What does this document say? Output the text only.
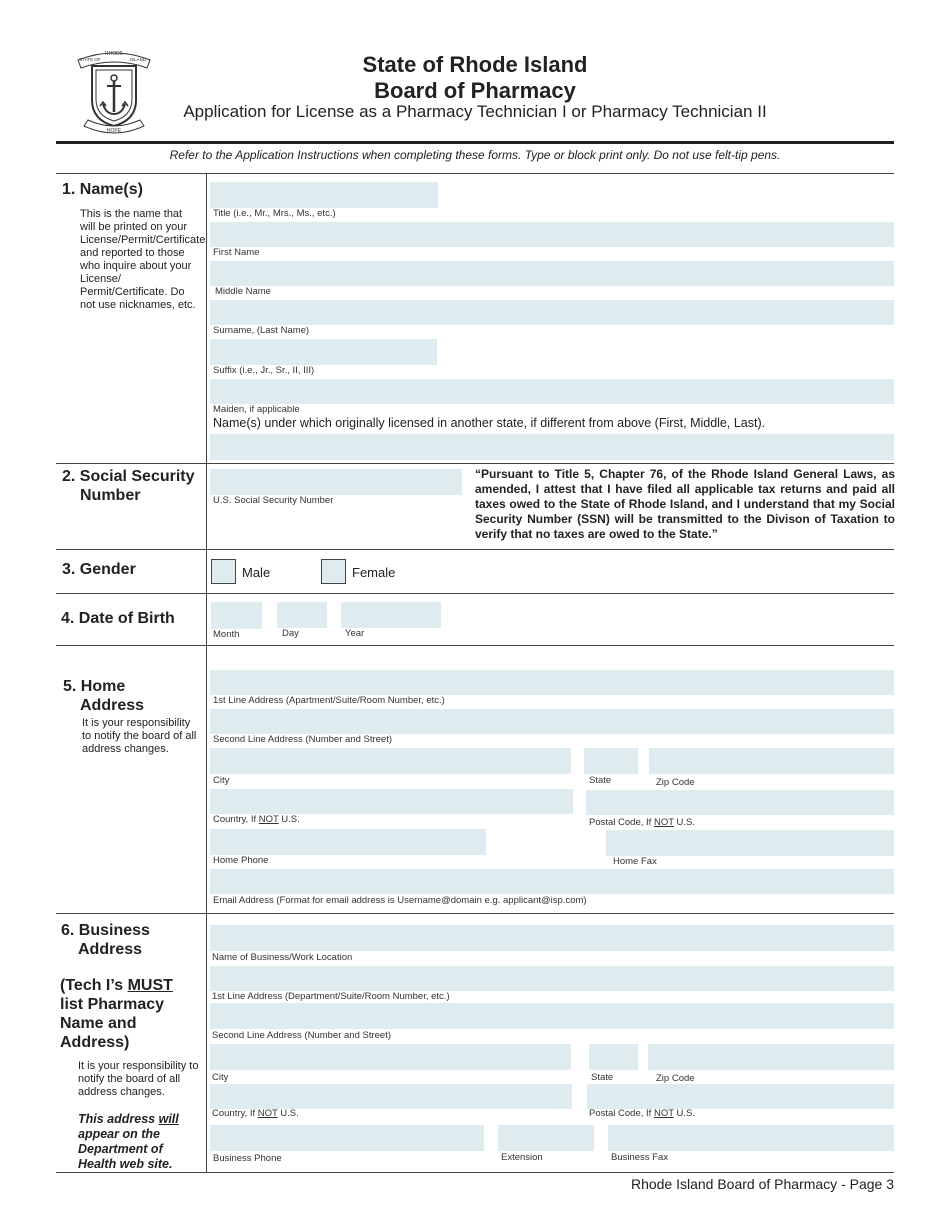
RHODE
STATE OF	ISLAND
HOPE
State of Rhode Island
Board of Pharmacy
Application for License as a Pharmacy Technician I or Pharmacy Technician II
Refer to the Application Instructions when completing these forms. Type or block print only. Do not use felt-tip pens.
1. Name(s)
This is the name that will be printed on your License/Permit/Certificate and reported to those who inquire about your License/ Permit/Certificate. Do not use nicknames, etc.
Title (i.e., Mr., Mrs., Ms., etc.)
First Name
Middle Name
Surname, (Last Name)
Suffix (i.e., Jr., Sr., II, III)
Maiden, if applicable
Name(s) under which originally licensed in another state, if different from above (First, Middle, Last).
2. Social Security
Number	U.S. Social Security Number
“Pursuant to Title 5, Chapter 76, of the Rhode Island General Laws, as amended, I attest that I have filed all applicable tax returns and paid all taxes owed to the State of Rhode Island, and I understand that my Social Security Number (SSN) will be transmitted to the Divison of Taxation to verify that no taxes are owed to the State.”
3. Gender	Male	Female
4. Date of Birth
Month	Day	Year
5. Home
Address
It is your responsibility to notify the board of all address changes.
1st Line Address (Apartment/Suite/Room Number, etc.)
Second Line Address (Number and Street)
City	State	Zip Code
Country, If NOT U.S.	Postal Code, If NOT U.S.
Home Phone	Home Fax
Email Address (Format for email address is Username@domain e.g. applicant@isp.com)
6. Business
Address
(Tech I’s MUST list Pharmacy Name and Address)
It is your responsibility to notify the board of all address changes.
This address will appear on the Department of Health web site.
Name of Business/Work Location
1st Line Address (Department/Suite/Room Number, etc.)
Second Line Address (Number and Street)
City	State	Zip Code
Country, If NOT U.S.	Postal Code, If NOT U.S.
Business Phone	Extension	Business Fax
Rhode Island Board of Pharmacy - Page 3
